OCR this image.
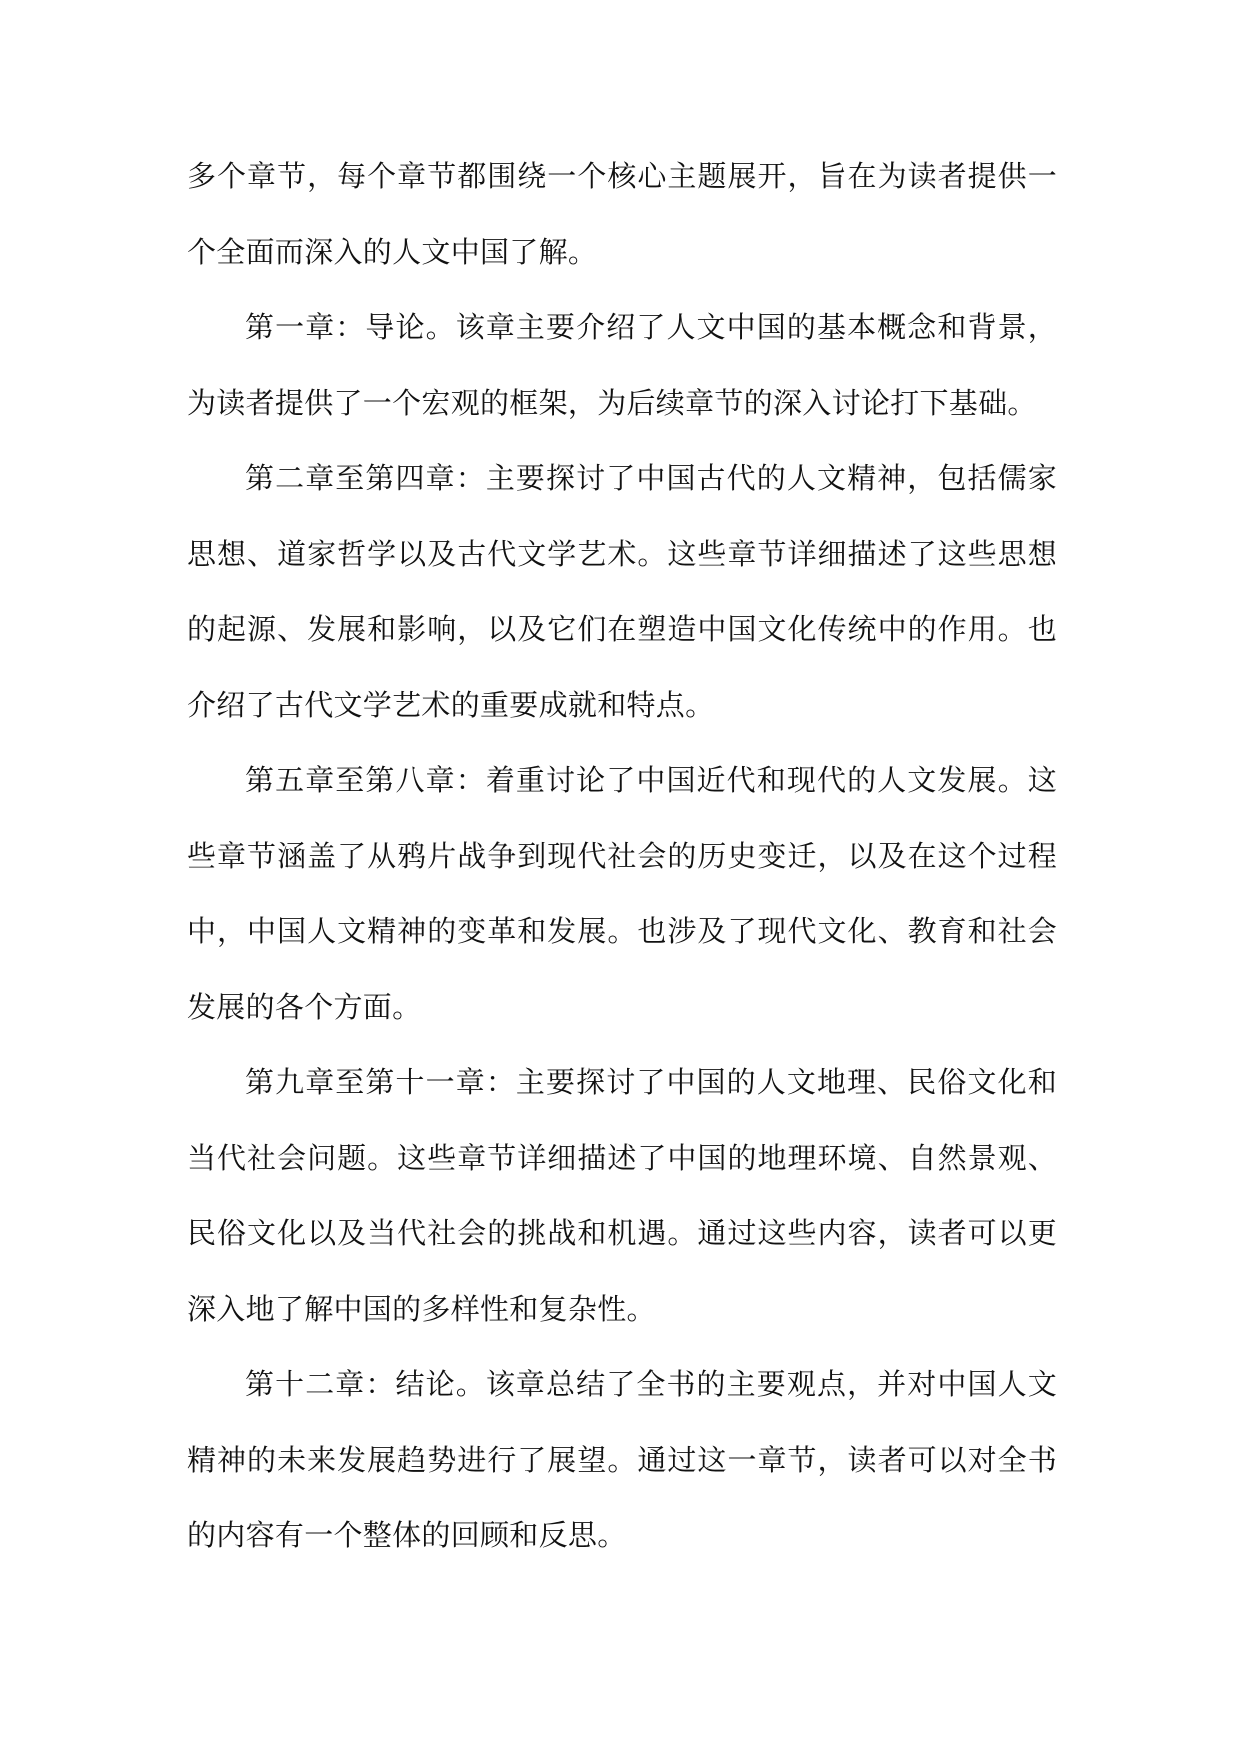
多个章节，每个章节都围绕一个核心主题展开，旨在为读者提供一个全面而深入的人文中国了解。

第一章：导论。该章主要介绍了人文中国的基本概念和背景，为读者提供了一个宏观的框架，为后续章节的深入讨论打下基础。

第二章至第四章：主要探讨了中国古代的人文精神，包括儒家思想、道家哲学以及古代文学艺术。这些章节详细描述了这些思想的起源、发展和影响，以及它们在塑造中国文化传统中的作用。也介绍了古代文学艺术的重要成就和特点。

第五章至第八章：着重讨论了中国近代和现代的人文发展。这些章节涵盖了从鸦片战争到现代社会的历史变迁，以及在这个过程中，中国人文精神的变革和发展。也涉及了现代文化、教育和社会发展的各个方面。

第九章至第十一章：主要探讨了中国的人文地理、民俗文化和当代社会问题。这些章节详细描述了中国的地理环境、自然景观、民俗文化以及当代社会的挑战和机遇。通过这些内容，读者可以更深入地了解中国的多样性和复杂性。

第十二章：结论。该章总结了全书的主要观点，并对中国人文精神的未来发展趋势进行了展望。通过这一章节，读者可以对全书的内容有一个整体的回顾和反思。
